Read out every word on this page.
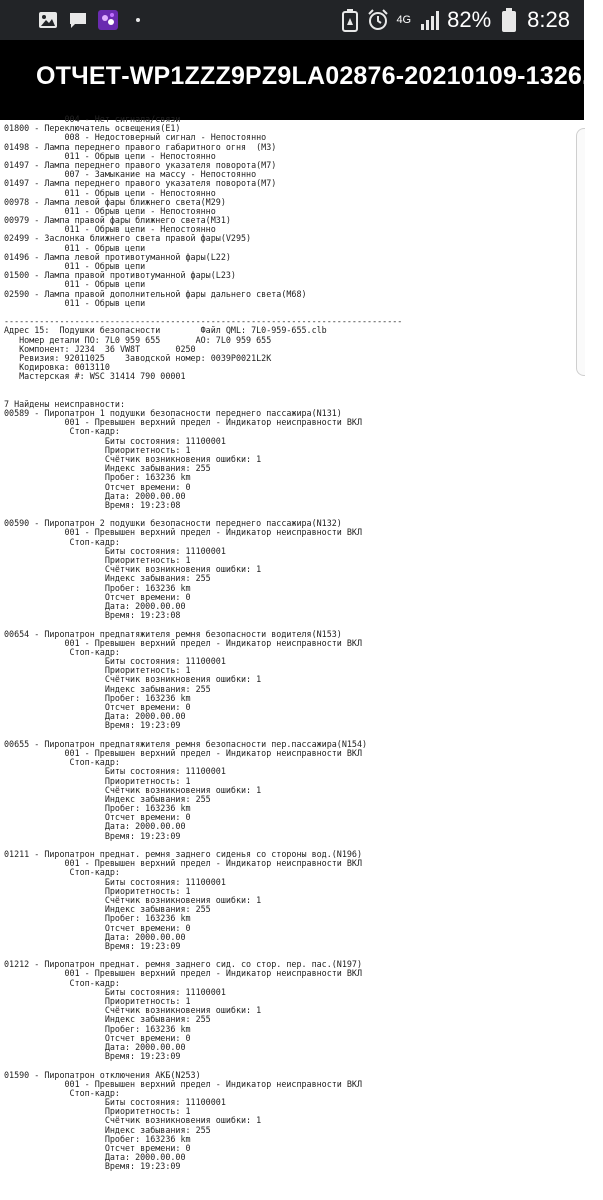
4G 82% 8:28
ОТЧЕТ-WP1ZZZ9PZ9LA02876-20210109-1326...
004 - Нет сигнала/связи
01800 - Переключатель освещения(E1)
008 - Недостоверный сигнал - Непостоянно
01498 - Лампа переднего правого габаритного огня  (M3)
011 - Обрыв цепи - Непостоянно
01497 - Лампа переднего правого указателя поворота(M7)
007 - Замыкание на массу - Непостоянно
01497 - Лампа переднего правого указателя поворота(M7)
011 - Обрыв цепи - Непостоянно
00978 - Лампа левой фары ближнего света(M29)
011 - Обрыв цепи - Непостоянно
00979 - Лампа правой фары ближнего света(M31)
011 - Обрыв цепи - Непостоянно
02499 - Заслонка ближнего света правой фары(V295)
011 - Обрыв цепи
01496 - Лампа левой противотуманной фары(L22)
011 - Обрыв цепи
01500 - Лампа правой противотуманной фары(L23)
011 - Обрыв цепи
02590 - Лампа правой дополнительной фары дальнего света(M68)
011 - Обрыв цепи

-------------------------------------------------------------------------------
Адрес 15:  Подушки безопасности        Файл QML: 7L0-959-655.clb
Номер детали ПО: 7L0 959 655       АО: 7L0 959 655
Компонент: J234  36 VW8T       0250
Ревизия: 92011025    Заводской номер: 0039P0021L2K
Кодировка: 0013110
Мастерская #: WSC 31414 790 00001

7 Найдены неисправности:
00589 - Пиропатрон 1 подушки безопасности переднего пассажира(N131)
001 - Превышен верхний предел - Индикатор неисправности ВКЛ
Стоп-кадр:
Биты состояния: 11100001
Приоритетность: 1
Счётчик возникновения ошибки: 1
Индекс забывания: 255
Пробег: 163236 km
Отсчет времени: 0
Дата: 2000.00.00
Время: 19:23:08

00590 - Пиропатрон 2 подушки безопасности переднего пассажира(N132)
001 - Превышен верхний предел - Индикатор неисправности ВКЛ
Стоп-кадр:
Биты состояния: 11100001
Приоритетность: 1
Счётчик возникновения ошибки: 1
Индекс забывания: 255
Пробег: 163236 km
Отсчет времени: 0
Дата: 2000.00.00
Время: 19:23:08

00654 - Пиропатрон предnатяжителя ремня безопасности водителя(N153)
001 - Превышен верхний предел - Индикатор неисправности ВКЛ
Стоп-кадр:
Биты состояния: 11100001
Приоритетность: 1
Счётчик возникновения ошибки: 1
Индекс забывания: 255
Пробег: 163236 km
Отсчет времени: 0
Дата: 2000.00.00
Время: 19:23:09

00655 - Пиропатрон предnатяжителя ремня безопасности пер.пассажира(N154)
001 - Превышен верхний предел - Индикатор неисправности ВКЛ
Стоп-кадр:
Биты состояния: 11100001
Приоритетность: 1
Счётчик возникновения ошибки: 1
Индекс забывания: 255
Пробег: 163236 km
Отсчет времени: 0
Дата: 2000.00.00
Время: 19:23:09

01211 - Пиропатрон преднат. ремня заднего сиденья со стороны вод.(N196)
001 - Превышен верхний предел - Индикатор неисправности ВКЛ
Стоп-кадр:
Биты состояния: 11100001
Приоритетность: 1
Счётчик возникновения ошибки: 1
Индекс забывания: 255
Пробег: 163236 km
Отсчет времени: 0
Дата: 2000.00.00
Время: 19:23:09

01212 - Пиропатрон преднат. ремня заднего сид. со стор. пер. пас.(N197)
001 - Превышен верхний предел - Индикатор неисправности ВКЛ
Стоп-кадр:
Биты состояния: 11100001
Приоритетность: 1
Счётчик возникновения ошибки: 1
Индекс забывания: 255
Пробег: 163236 km
Отсчет времени: 0
Дата: 2000.00.00
Время: 19:23:09

01590 - Пиропатрон отключения АКБ(N253)
001 - Превышен верхний предел - Индикатор неисправности ВКЛ
Стоп-кадр:
Биты состояния: 11100001
Приоритетность: 1
Счётчик возникновения ошибки: 1
Индекс забывания: 255
Пробег: 163236 km
Отсчет времени: 0
Дата: 2000.00.00
Время: 19:23:09
